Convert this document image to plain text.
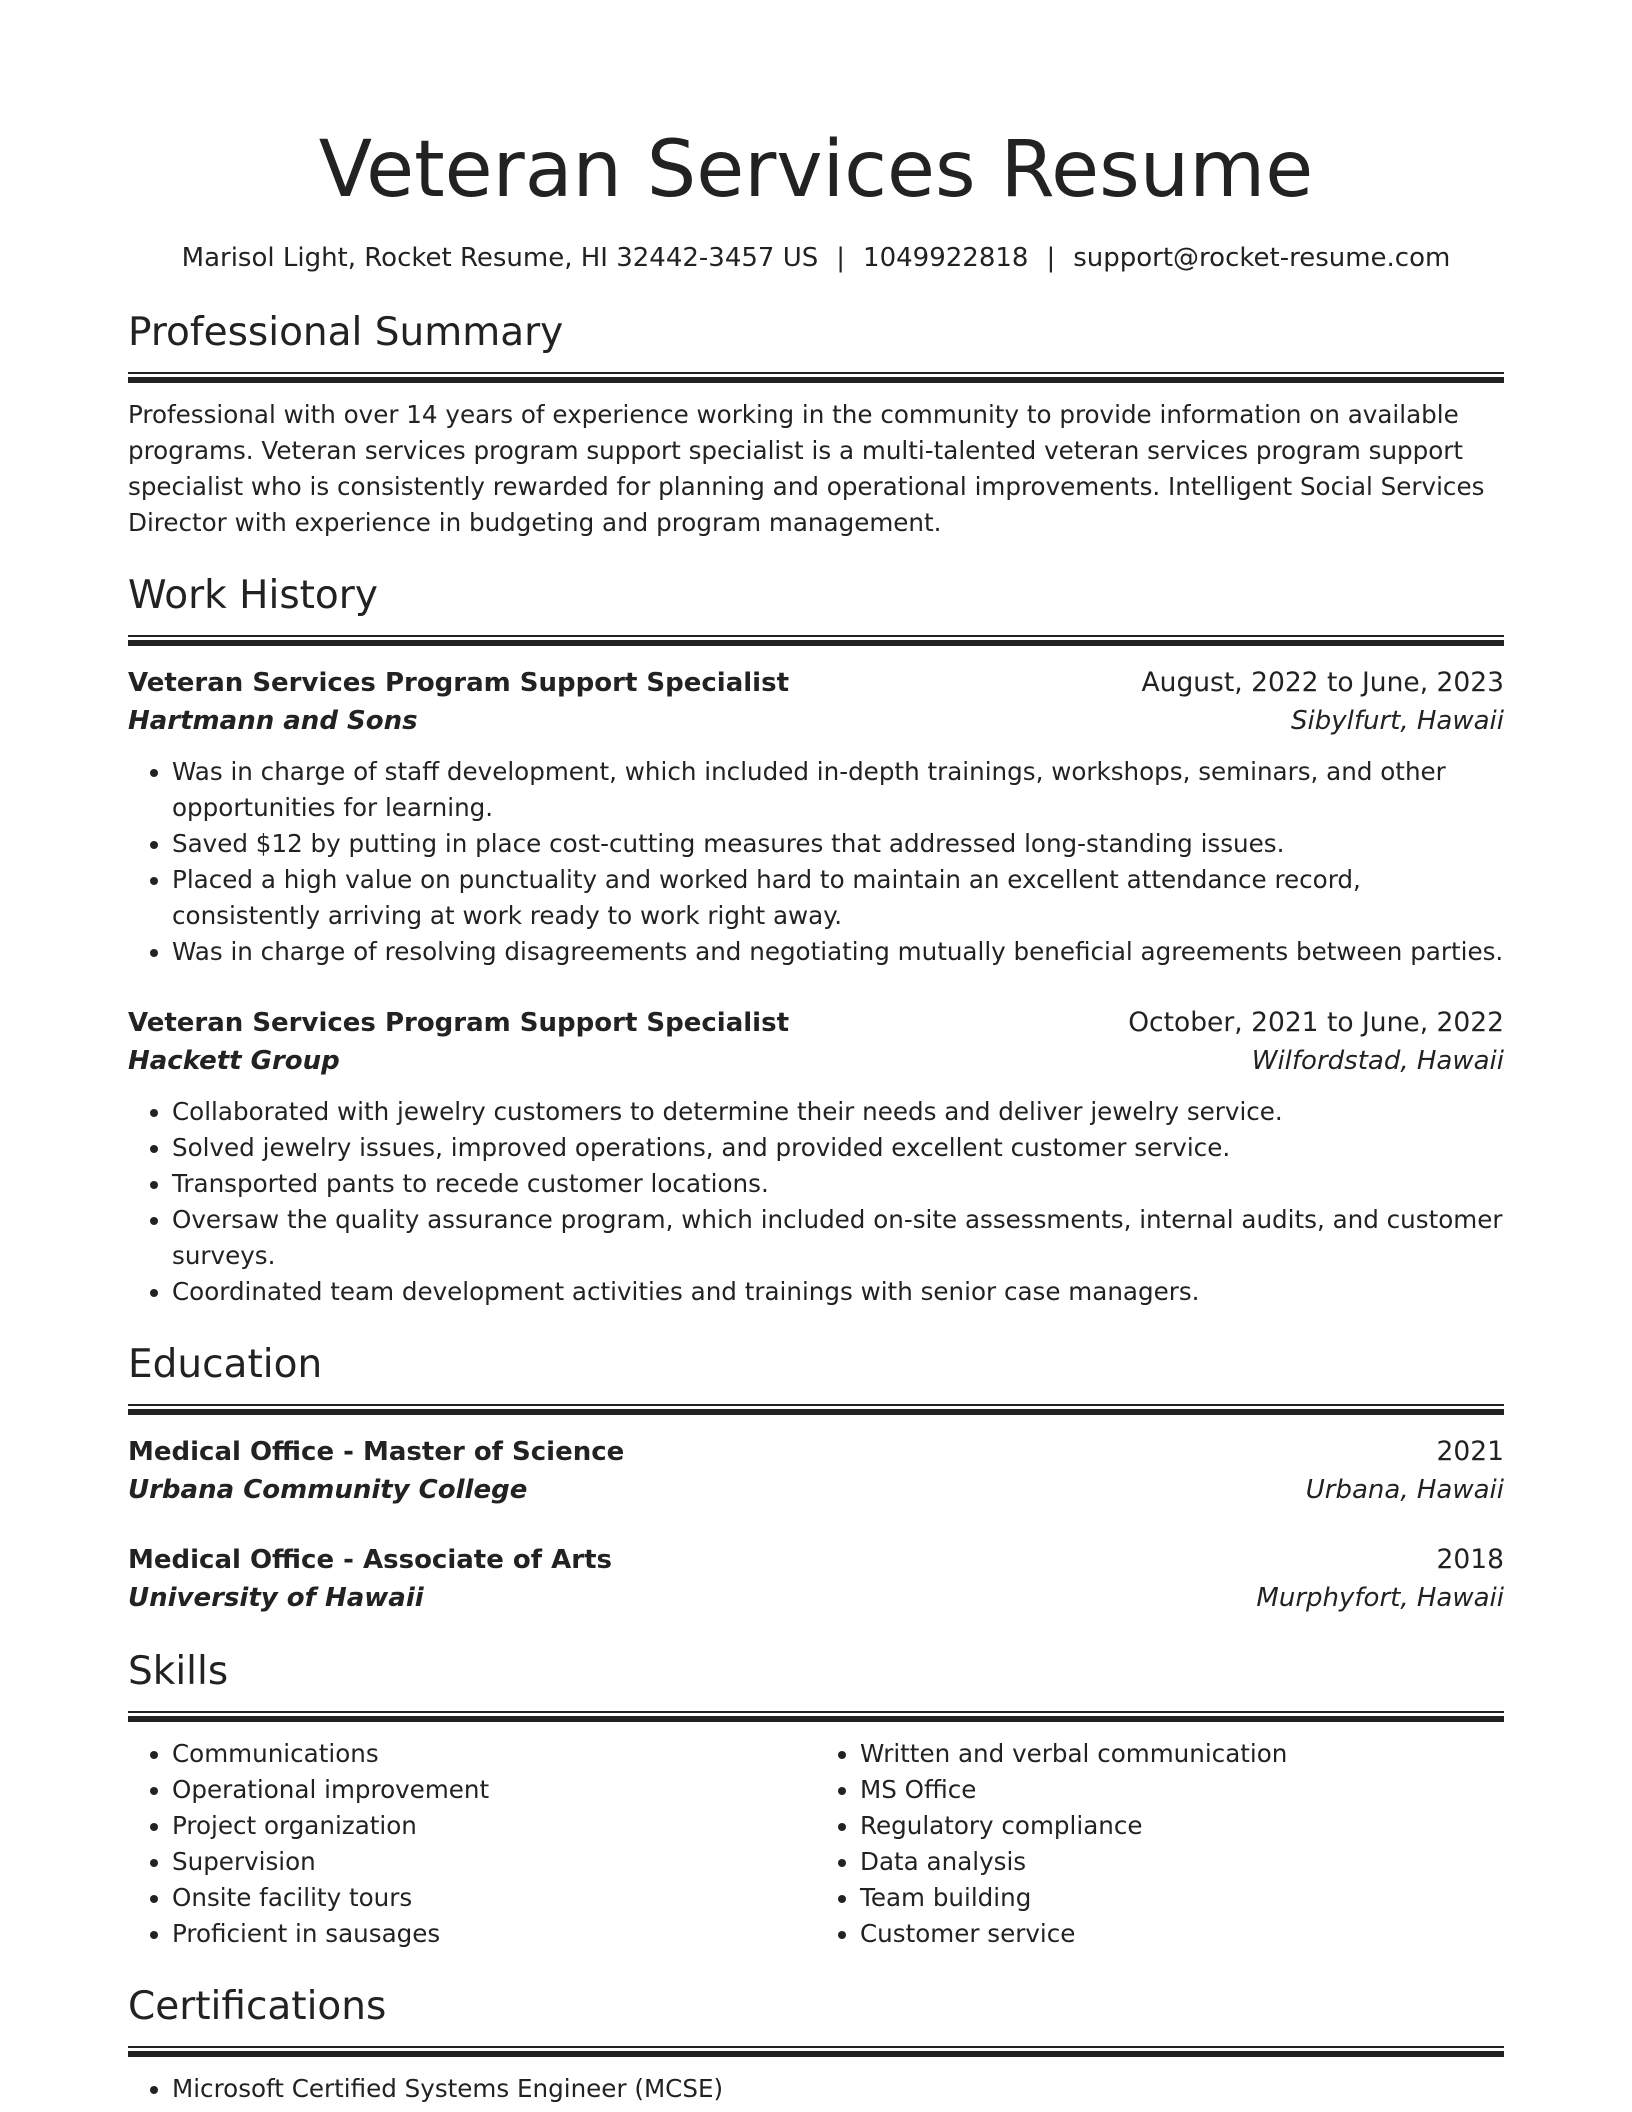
Veteran Services Resume
Marisol Light, Rocket Resume, HI 32442-3457 US | 1049922818 | support@rocket-resume.com
Professional Summary
Professional with over 14 years of experience working in the community to provide information on available programs. Veteran services program support specialist is a multi-talented veteran services program support specialist who is consistently rewarded for planning and operational improvements. Intelligent Social Services Director with experience in budgeting and program management.
Work History
Veteran Services Program Support Specialist	August, 2022 to June, 2023
Hartmann and Sons	Sibylfurt, Hawaii
• Was in charge of staff development, which included in-depth trainings, workshops, seminars, and other opportunities for learning.
• Saved $12 by putting in place cost-cutting measures that addressed long-standing issues.
• Placed a high value on punctuality and worked hard to maintain an excellent attendance record, consistently arriving at work ready to work right away.
• Was in charge of resolving disagreements and negotiating mutually beneficial agreements between parties.
Veteran Services Program Support Specialist	October, 2021 to June, 2022
Hackett Group	Wilfordstad, Hawaii
• Collaborated with jewelry customers to determine their needs and deliver jewelry service.
• Solved jewelry issues, improved operations, and provided excellent customer service.
• Transported pants to recede customer locations.
• Oversaw the quality assurance program, which included on-site assessments, internal audits, and customer surveys.
• Coordinated team development activities and trainings with senior case managers.
Education
Medical Office - Master of Science	2021
Urbana Community College	Urbana, Hawaii
Medical Office - Associate of Arts	2018
University of Hawaii	Murphyfort, Hawaii
Skills
• Communications
• Operational improvement
• Project organization
• Supervision
• Onsite facility tours
• Proficient in sausages
• Written and verbal communication
• MS Office
• Regulatory compliance
• Data analysis
• Team building
• Customer service
Certifications
• Microsoft Certified Systems Engineer (MCSE)
